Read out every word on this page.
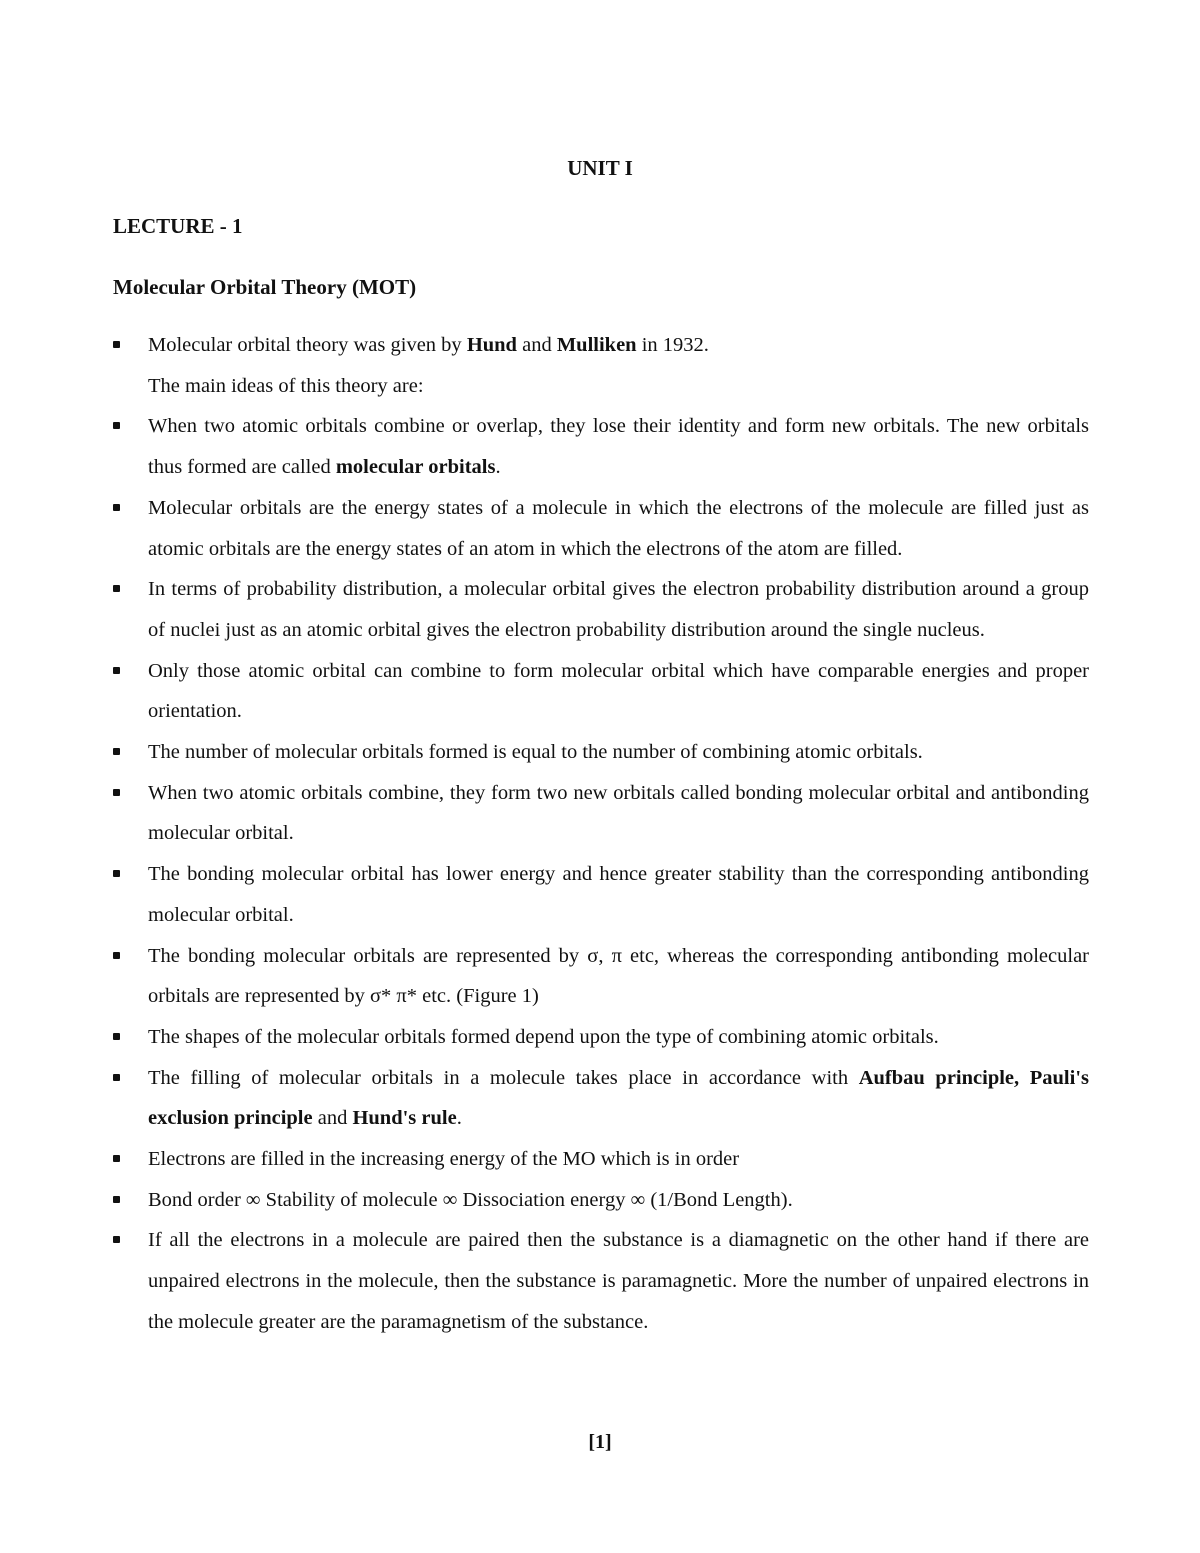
UNIT I
LECTURE - 1
Molecular Orbital Theory (MOT)
Molecular orbital theory was given by Hund and Mulliken in 1932.
The main ideas of this theory are:
When two atomic orbitals combine or overlap, they lose their identity and form new orbitals. The new orbitals thus formed are called molecular orbitals.
Molecular orbitals are the energy states of a molecule in which the electrons of the molecule are filled just as atomic orbitals are the energy states of an atom in which the electrons of the atom are filled.
In terms of probability distribution, a molecular orbital gives the electron probability distribution around a group of nuclei just as an atomic orbital gives the electron probability distribution around the single nucleus.
Only those atomic orbital can combine to form molecular orbital which have comparable energies and proper orientation.
The number of molecular orbitals formed is equal to the number of combining atomic orbitals.
When two atomic orbitals combine, they form two new orbitals called bonding molecular orbital and antibonding molecular orbital.
The bonding molecular orbital has lower energy and hence greater stability than the corresponding antibonding molecular orbital.
The bonding molecular orbitals are represented by σ, π etc, whereas the corresponding antibonding molecular orbitals are represented by σ* π* etc. (Figure 1)
The shapes of the molecular orbitals formed depend upon the type of combining atomic orbitals.
The filling of molecular orbitals in a molecule takes place in accordance with Aufbau principle, Pauli's exclusion principle and Hund's rule.
Electrons are filled in the increasing energy of the MO which is in order
Bond order ∞ Stability of molecule ∞ Dissociation energy ∞ (1/Bond Length).
If all the electrons in a molecule are paired then the substance is a diamagnetic on the other hand if there are unpaired electrons in the molecule, then the substance is paramagnetic. More the number of unpaired electrons in the molecule greater are the paramagnetism of the substance.

[1]
